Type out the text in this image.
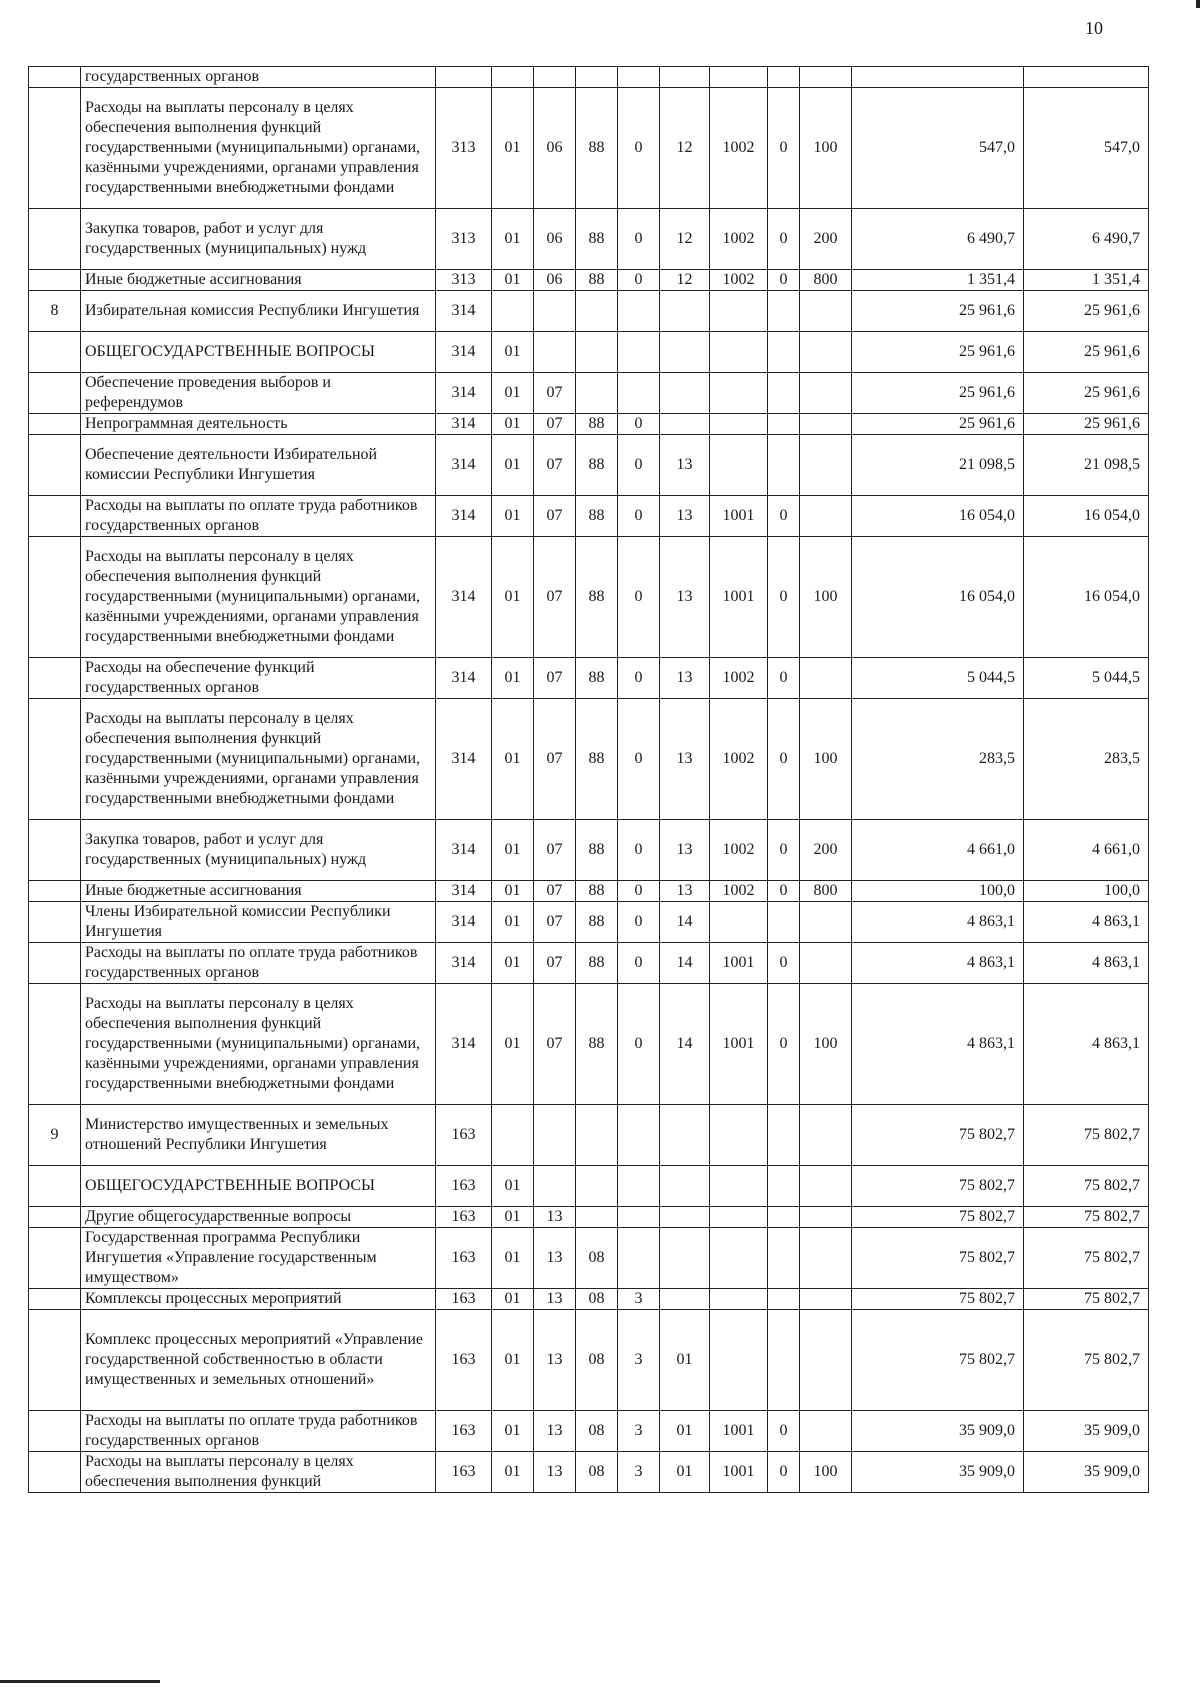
10
	государственных органов											
	Расходы на выплаты персоналу в целях обеспечения выполнения функций государственными (муниципальными) органами, казёнными учреждениями, органами управления государственными внебюджетными фондами	313	01	06	88	0	12	1002	0	100	547,0	547,0
	Закупка товаров, работ и услуг для государственных (муниципальных) нужд	313	01	06	88	0	12	1002	0	200	6 490,7	6 490,7
	Иные бюджетные ассигнования	313	01	06	88	0	12	1002	0	800	1 351,4	1 351,4
8	Избирательная комиссия Республики Ингушетия	314									25 961,6	25 961,6
	ОБЩЕГОСУДАРСТВЕННЫЕ ВОПРОСЫ	314	01								25 961,6	25 961,6
	Обеспечение проведения выборов и референдумов	314	01	07							25 961,6	25 961,6
	Непрограммная деятельность	314	01	07	88	0					25 961,6	25 961,6
	Обеспечение деятельности Избирательной комиссии Республики Ингушетия	314	01	07	88	0	13				21 098,5	21 098,5
	Расходы на выплаты по оплате труда работников государственных органов	314	01	07	88	0	13	1001	0		16 054,0	16 054,0
	Расходы на выплаты персоналу в целях обеспечения выполнения функций государственными (муниципальными) органами, казёнными учреждениями, органами управления государственными внебюджетными фондами	314	01	07	88	0	13	1001	0	100	16 054,0	16 054,0
	Расходы на обеспечение функций государственных органов	314	01	07	88	0	13	1002	0		5 044,5	5 044,5
	Расходы на выплаты персоналу в целях обеспечения выполнения функций государственными (муниципальными) органами, казёнными учреждениями, органами управления государственными внебюджетными фондами	314	01	07	88	0	13	1002	0	100	283,5	283,5
	Закупка товаров, работ и услуг для государственных (муниципальных) нужд	314	01	07	88	0	13	1002	0	200	4 661,0	4 661,0
	Иные бюджетные ассигнования	314	01	07	88	0	13	1002	0	800	100,0	100,0
	Члены Избирательной комиссии Республики Ингушетия	314	01	07	88	0	14				4 863,1	4 863,1
	Расходы на выплаты по оплате труда работников государственных органов	314	01	07	88	0	14	1001	0		4 863,1	4 863,1
	Расходы на выплаты персоналу в целях обеспечения выполнения функций государственными (муниципальными) органами, казёнными учреждениями, органами управления государственными внебюджетными фондами	314	01	07	88	0	14	1001	0	100	4 863,1	4 863,1
9	Министерство имущественных и земельных отношений Республики Ингушетия	163									75 802,7	75 802,7
	ОБЩЕГОСУДАРСТВЕННЫЕ ВОПРОСЫ	163	01								75 802,7	75 802,7
	Другие общегосударственные вопросы	163	01	13							75 802,7	75 802,7
	Государственная программа Республики Ингушетия «Управление государственным имуществом»	163	01	13	08						75 802,7	75 802,7
	Комплексы процессных мероприятий	163	01	13	08	3					75 802,7	75 802,7
	Комплекс процессных мероприятий «Управление государственной собственностью в области имущественных и земельных отношений»	163	01	13	08	3	01				75 802,7	75 802,7
	Расходы на выплаты по оплате труда работников государственных органов	163	01	13	08	3	01	1001	0		35 909,0	35 909,0
	Расходы на выплаты персоналу в целях обеспечения выполнения функций	163	01	13	08	3	01	1001	0	100	35 909,0	35 909,0
